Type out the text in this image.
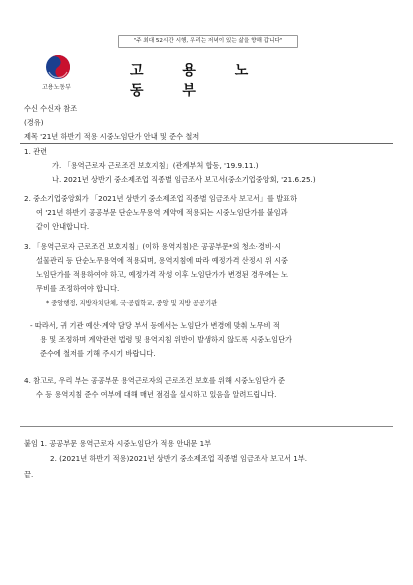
"주 최대 52시간 시행, 우리는 저녁이 있는 삶을 향해 갑니다"
고용노동부
고 용 노 동 부
수신 수신자 참조
(경유)
제목 '21년 하반기 적용 시중노임단가 안내 및 준수 철저
1. 관련
가. 「용역근로자 근로조건 보호지침」(관계부처 합동, '19.9.11.)
나. 2021년 상반기 중소제조업 직종별 임금조사 보고서(중소기업중앙회, '21.6.25.)
2. 중소기업중앙회가 「2021년 상반기 중소제조업 직종별 임금조사 보고서」를 발표하
여 '21년 하반기 공공부문 단순노무용역 계약에 적용되는 시중노임단가를 붙임과
같이 안내합니다.
3. 「용역근로자 근로조건 보호지침」(이하 용역지침)은 공공부문*의 청소·경비·시
설물관리 등 단순노무용역에 적용되며, 용역지침에 따라 예정가격 산정시 위 시중
노임단가를 적용하여야 하고, 예정가격 작성 이후 노임단가가 변경된 경우에는 노
무비를 조정하여야 합니다.
* 중앙행정, 지방자치단체, 국·공립학교, 중앙 및 지방 공공기관
- 따라서, 귀 기관 예산·계약 담당 부서 등에서는 노임단가 변경에 맞춰 노무비 적
용 및 조정하며 계약관련 법령 및 용역지침 위반이 발생하지 않도록 시중노임단가
준수에 철저를 기해 주시기 바랍니다.
4. 참고로, 우리 부는 공공부문 용역근로자의 근로조건 보호를 위해 시중노임단가 준
수 등 용역지침 준수 여부에 대해 매년 점검을 실시하고 있음을 알려드립니다.
붙임 1. 공공부문 용역근로자 시중노임단가 적용 안내문 1부
2. (2021년 하반기 적용)2021년 상반기 중소제조업 직종별 임금조사 보고서 1부.
끝.
